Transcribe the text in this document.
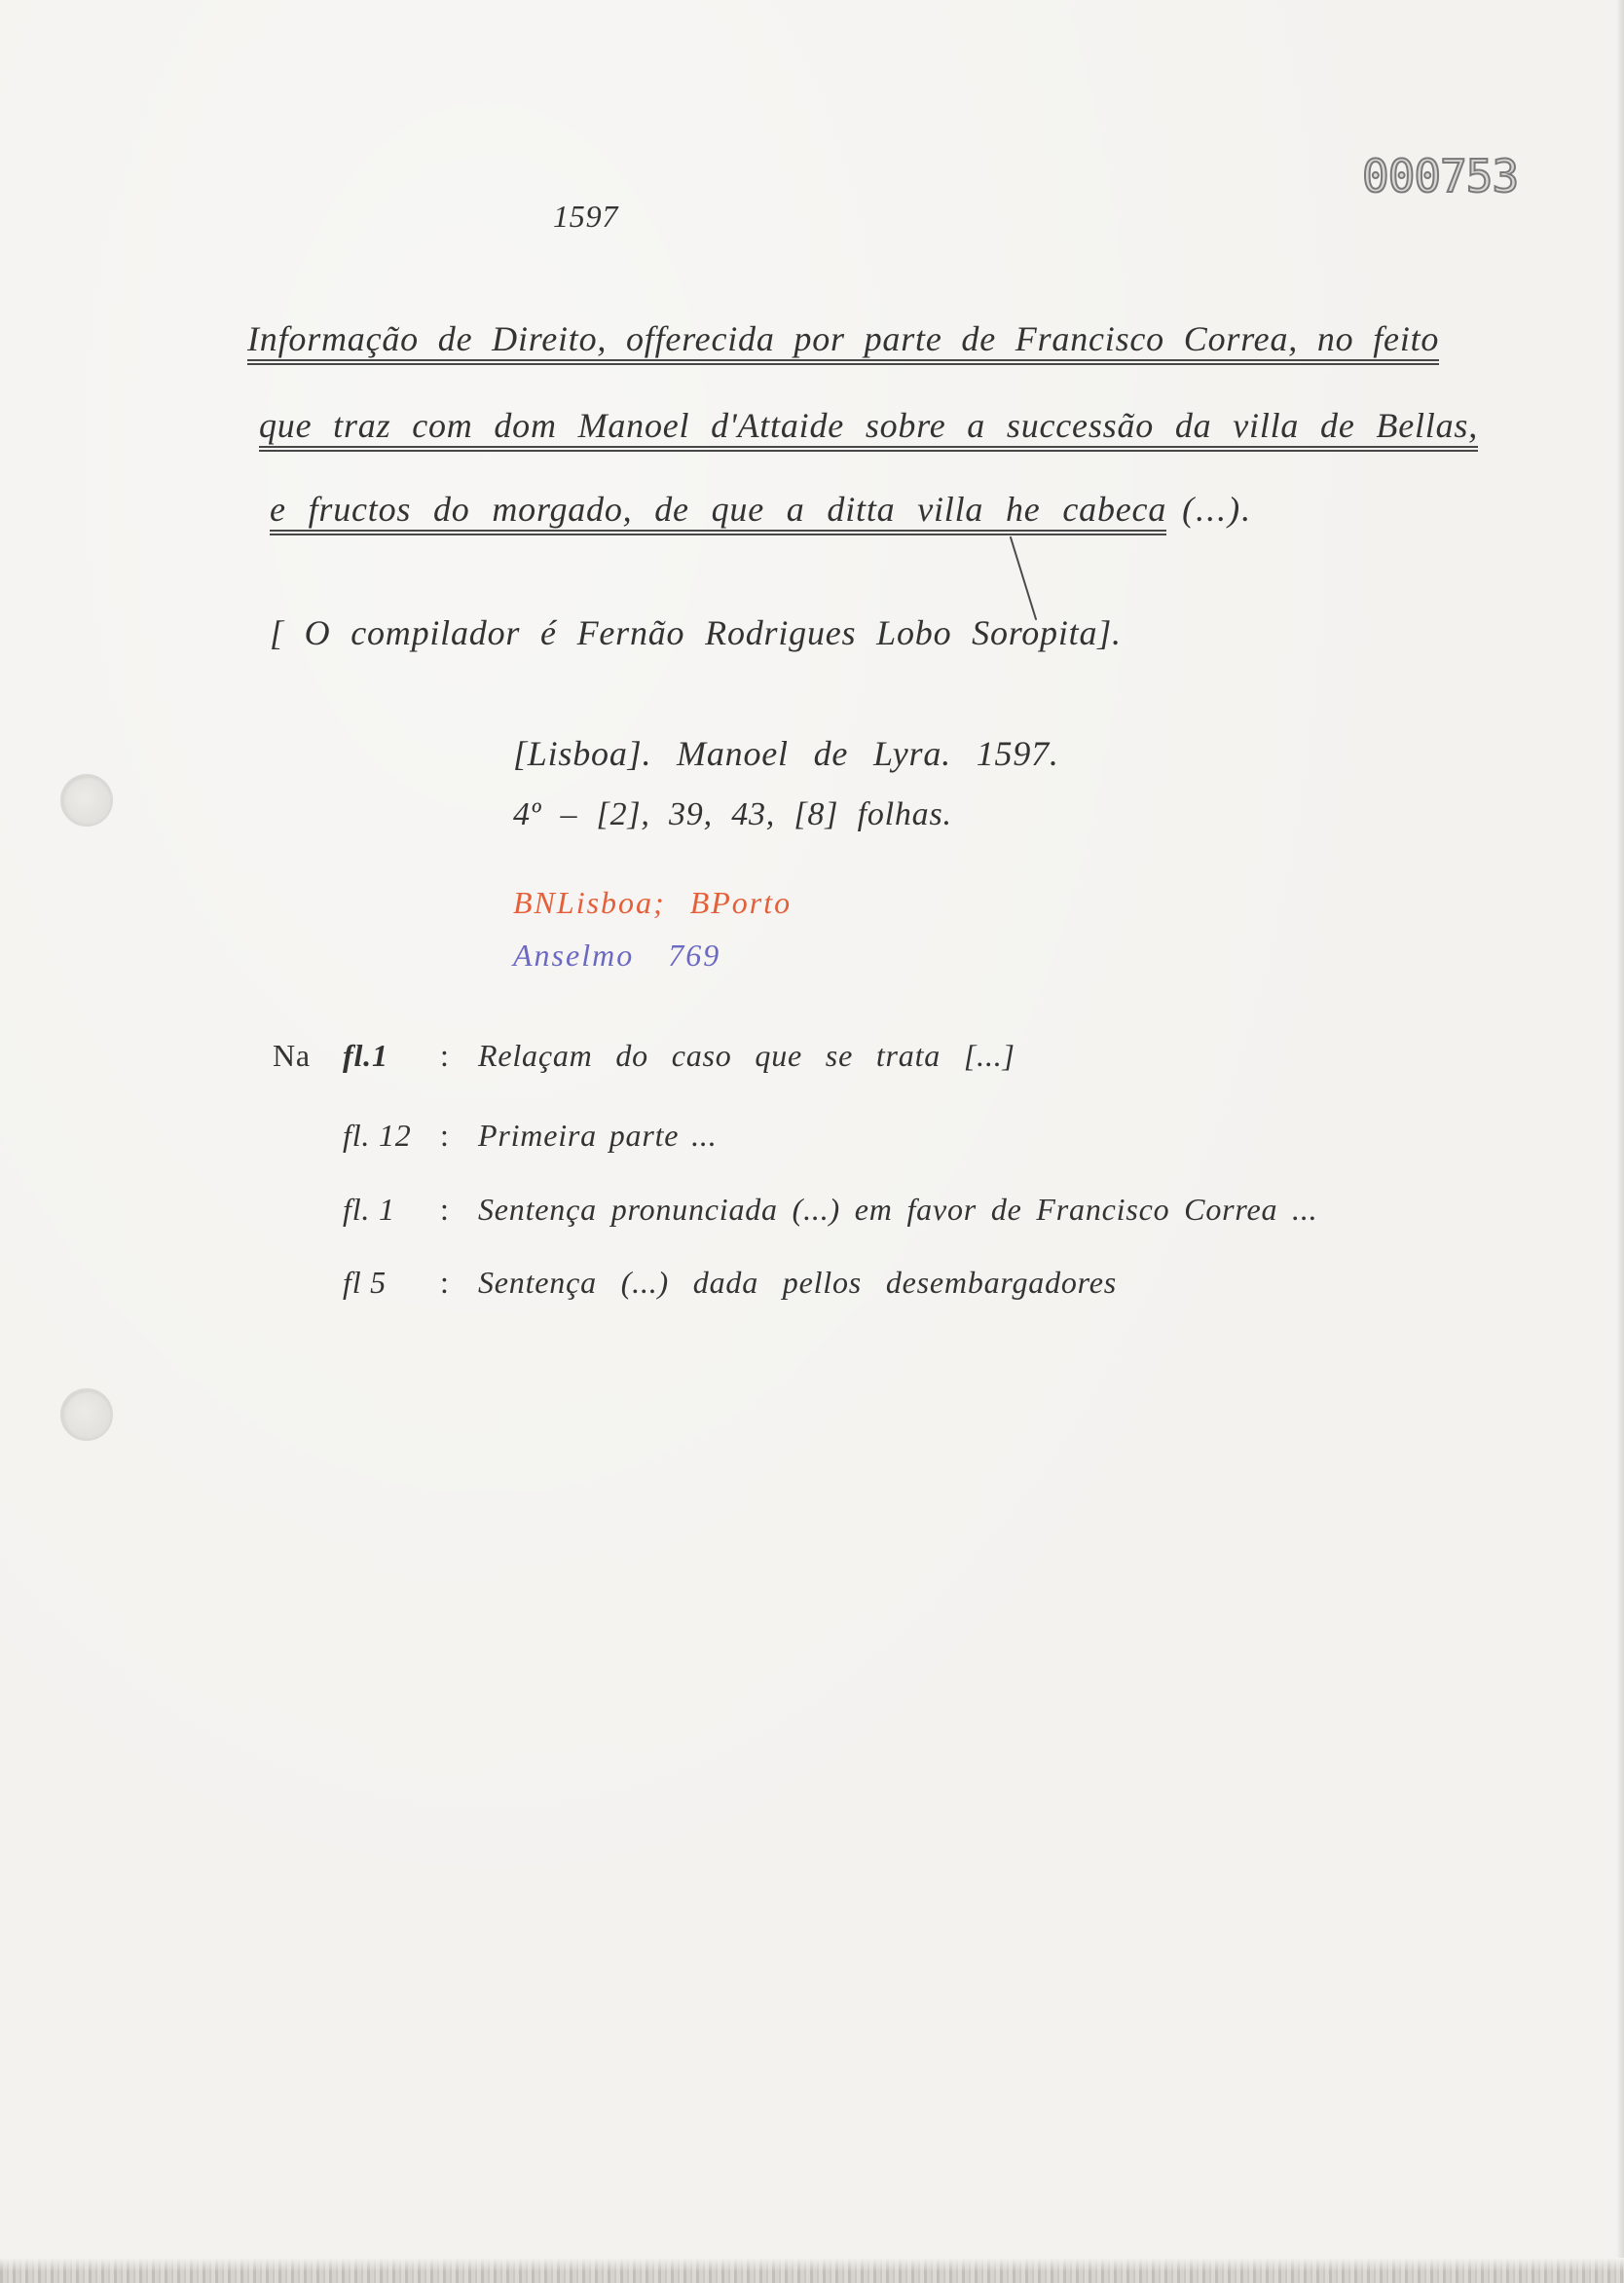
000753
1597
Informação de Direito, offerecida por parte de Francisco Correa, no feito
que traz com dom Manoel d'Attaide sobre a successão da villa de Bellas,
e fructos do morgado, de que a ditta villa he cabeca (...).
[ O compilador é Fernão Rodrigues Lobo Soropita].
[Lisboa]. Manoel de Lyra. 1597.
4º – [2], 39, 43, [8] folhas.
BNLisboa; BPorto
Anselmo 769
Na fl.1 : Relaçam do caso que se trata [...]
fl. 12 : Primeira parte ...
fl. 1 : Sentença pronunciada (...) em favor de Francisco Correa ...
fl 5 : Sentença (...) dada pellos desembargadores
